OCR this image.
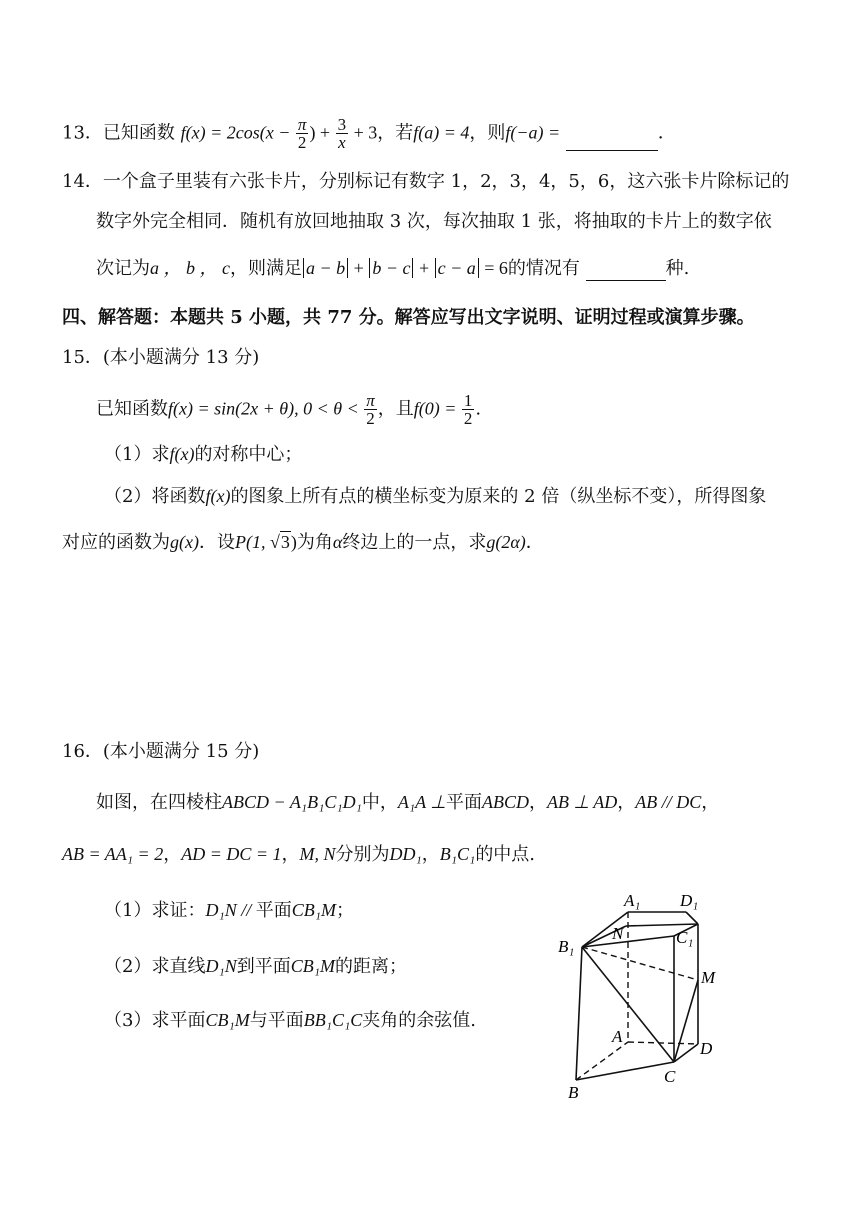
13．已知函数 $f(x) = 2\cos(x - \frac{\pi}{2}$ ) + $\frac{3}{x} + 3$，若f(a) = 4，则f(−a) =	．
14．一个盒子里装有六张卡片，分别标记有数字 1，2，3，4，5，6，这六张卡片除标记的
数字外完全相同．随机有放回地抽取 3 次，每次抽取 1 张，将抽取的卡片上的数字依
次记为a ， b ， c，则满足 a − b + b − c + c − a = 6的情况有	种.
四、解答题：本题共 5 小题，共 77 分。解答应写出文字说明、证明过程或演算步骤。
15．(本小题满分 13 分)
已知函数f(x) = sin(2x + θ), $0 < \theta < \frac{\pi}{2}$ ，且$f(0) = \frac{1}{2}$ .
（1）求f(x)的对称中心；
（2）将函数f(x)的图象上所有点的横坐标变为原来的 2 倍（纵坐标不变），所得图象
对应的函数为g(x)．设P(1, √3)为角α终边上的一点，求g(2α)．
16．(本小题满分 15 分)
如图，在四棱柱ABCD − A₁B₁C₁D₁中，A₁A ⊥平面ABCD，AB ⊥ AD，AB // DC，
AB = AA₁ = 2，AD = DC = 1，M, N分别为DD₁，B₁C₁的中点.
（1）求证：D₁N // 平面CB₁M；
（2）求直线D₁N到平面CB₁M的距离；
（3）求平面CB₁M与平面BB₁C₁C夹角的余弦值.
A₁ D₁
N	C₁
B₁
M
A
D
C
B
